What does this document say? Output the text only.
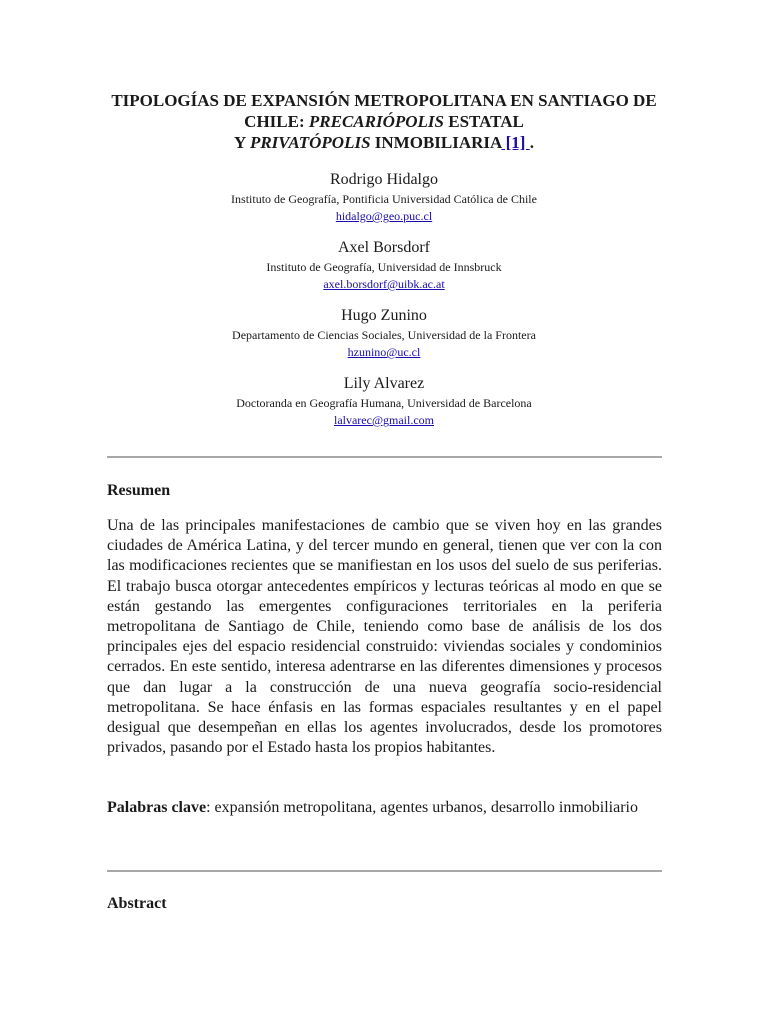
TIPOLOGÍAS DE EXPANSIÓN METROPOLITANA EN SANTIAGO DE
CHILE: PRECARIÓPOLIS ESTATAL
Y PRIVATÓPOLIS INMOBILIARIA [1] .
Rodrigo Hidalgo
Instituto de Geografía, Pontificia Universidad Católica de Chile
hidalgo@geo.puc.cl
Axel Borsdorf
Instituto de Geografía, Universidad de Innsbruck
axel.borsdorf@uibk.ac.at
Hugo Zunino
Departamento de Ciencias Sociales, Universidad de la Frontera
hzunino@uc.cl
Lily Alvarez
Doctoranda en Geografía Humana, Universidad de Barcelona
lalvarec@gmail.com
Resumen
Una de las principales manifestaciones de cambio que se viven hoy en las grandes ciudades de América Latina, y del tercer mundo en general, tienen que ver con la con las modificaciones recientes que se manifiestan en los usos del suelo de sus periferias. El trabajo busca otorgar antecedentes empíricos y lecturas teóricas al modo en que se están gestando las emergentes configuraciones territoriales en la periferia metropolitana de Santiago de Chile, teniendo como base de análisis de los dos principales ejes del espacio residencial construido: viviendas sociales y condominios cerrados. En este sentido, interesa adentrarse en las diferentes dimensiones y procesos que dan lugar a la construcción de una nueva geografía socio-residencial metropolitana. Se hace énfasis en las formas espaciales resultantes y en el papel desigual que desempeñan en ellas los agentes involucrados, desde los promotores privados, pasando por el Estado hasta los propios habitantes.
Palabras clave: expansión metropolitana, agentes urbanos, desarrollo inmobiliario
Abstract
